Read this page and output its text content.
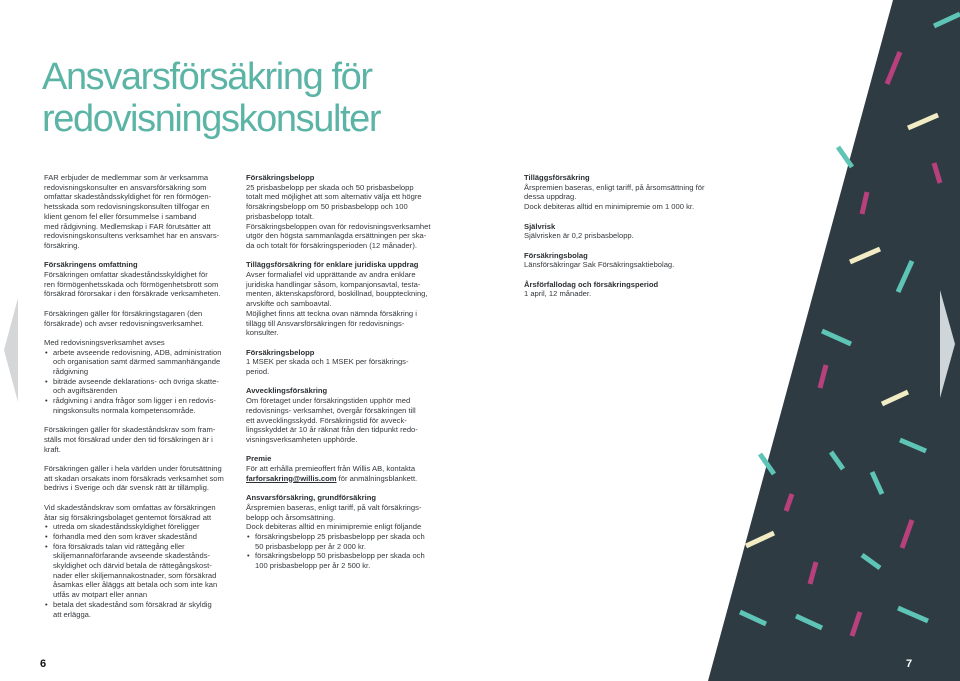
Ansvarsförsäkring för
redovisningskonsulter

FAR erbjuder de medlemmar som är verksamma

redovisningskonsulter en ansvarsförsäkring som

omfattar skadeståndsskyldighet för ren förmögen-

hetsskada som redovisningskonsulten tillfogar en

klient genom fel eller försummelse i samband

med rådgivning. Medlemskap i FAR förutsätter att

redovisningskonsultens verksamhet har en ansvars-

försäkring.

Försäkringens omfattning

Försäkringen omfattar skadeståndsskyldighet för

ren förmögenhetsskada och förmögenhetsbrott som

försäkrad förorsakar i den försäkrade verksamheten.

Försäkringen gäller för försäkringstagaren (den

försäkrade) och avser redovisningsverksamhet.

Med redovisningsverksamhet avses

• arbete avseende redovisning, ADB, administration

och organisation samt därmed sammanhängande

rådgivning

• biträde avseende deklarations- och övriga skatte-

och avgiftsärenden

• rådgivning i andra frågor som ligger i en redovis-

ningskonsults normala kompetensområde.

Försäkringen gäller för skadeståndskrav som fram-

ställs mot försäkrad under den tid försäkringen är i

kraft.

Försäkringen gäller i hela världen under förutsättning

att skadan orsakats inom försäkrads verksamhet som

bedrivs i Sverige och där svensk rätt är tillämplig.

Vid skadeståndskrav som omfattas av försäkringen

åtar sig försäkringsbolaget gentemot försäkrad att

• utreda om skadeståndsskyldighet föreligger

• förhandla med den som kräver skadestånd

• föra försäkrads talan vid rättegång eller

skiljemannaförfarande avseende skadestånds-

skyldighet och därvid betala de rättegångskost-

nader eller skiljemannakostnader, som försäkrad

åsamkas eller åläggs att betala och som inte kan

utfås av motpart eller annan

• betala det skadestånd som försäkrad är skyldig

att erlägga.

Försäkringsbelopp

25 prisbasbelopp per skada och 50 prisbasbelopp

totalt med möjlighet att som alternativ välja ett högre

försäkringsbelopp om 50 prisbasbelopp och 100

prisbasbelopp totalt.

Försäkringsbeloppen ovan för redovisningsverksamhet

utgör den högsta sammanlagda ersättningen per ska-

da och totalt för försäkringsperioden (12 månader).

Tilläggsförsäkring för enklare juridiska uppdrag

Avser formaliafel vid upprättande av andra enklare

juridiska handlingar såsom, kompanjonsavtal, testa-

menten, äktenskapsförord, boskillnad, bouppteckning,

arvskifte och samboavtal.

Möjlighet finns att teckna ovan nämnda försäkring i

tillägg till Ansvarsförsäkringen för redovisnings-

konsulter.

Försäkringsbelopp

1 MSEK per skada och 1 MSEK per försäkrings-

period.

Avvecklingsförsäkring

Om företaget under försäkringstiden upphör med

redovisnings- verksamhet, övergår försäkringen till

ett avvecklingsskydd. Försäkringstid för avveck-

lingsskyddet är 10 år räknat från den tidpunkt redo-

visningsverksamheten upphörde.

Premie

För att erhålla premieoffert från Willis AB, kontakta

farforsakring@willis.com för anmälningsblankett.

Ansvarsförsäkring, grundförsäkring

Årspremien baseras, enligt tariff, på valt försäkrings-

belopp och årsomsättning.

Dock debiteras alltid en minimipremie enligt följande

• försäkringsbelopp 25 prisbasbelopp per skada och

50 prisbasbelopp per år 2 000 kr.

• försäkringsbelopp 50 prisbasbelopp per skada och

100 prisbasbelopp per år 2 500 kr.

Tilläggsförsäkring

Årspremien baseras, enligt tariff, på årsomsättning för

dessa uppdrag.

Dock debiteras alltid en minimipremie om 1 000 kr.

Självrisk

Självrisken är 0,2 prisbasbelopp.

Försäkringsbolag

Länsförsäkringar Sak Försäkringsaktiebolag.

Årsförfallodag och försäkringsperiod

1 april, 12 månader.

6	7
